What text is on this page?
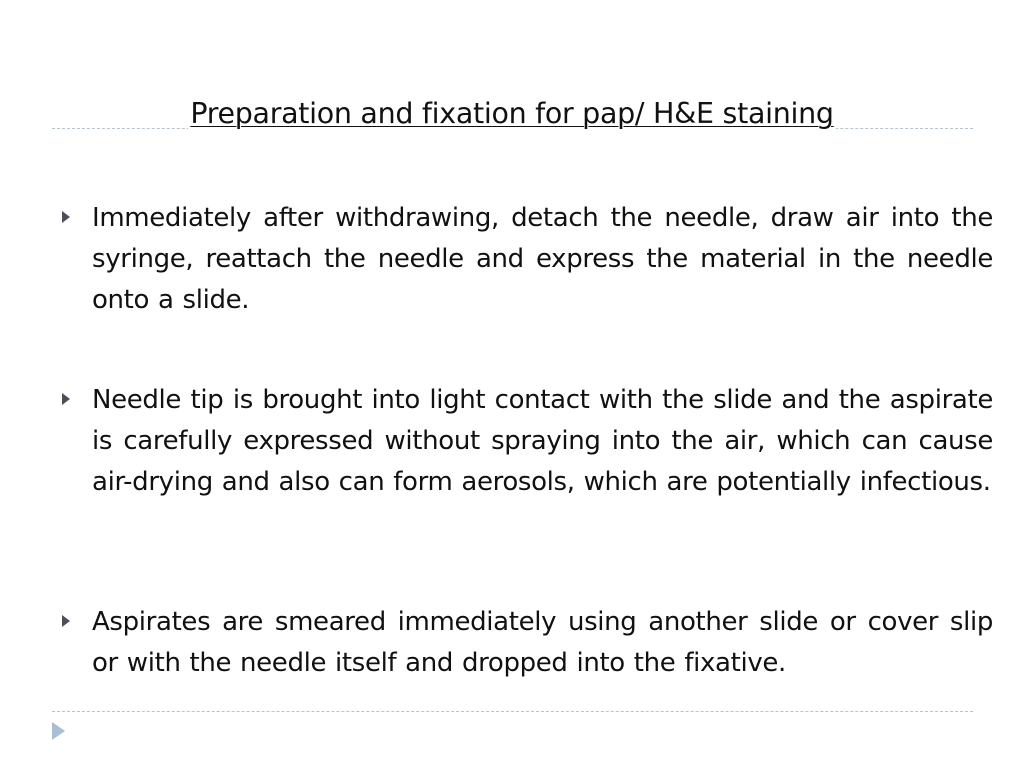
Preparation and fixation for pap/ H&E staining
Immediately after withdrawing, detach the needle, draw air into the syringe, reattach the needle and express the material in the needle onto a slide.
Needle tip is brought into light contact with the slide and the aspirate is carefully expressed without spraying into the air, which can cause air-drying and also can form aerosols, which are potentially infectious.
Aspirates are smeared immediately using another slide or cover slip or with the needle itself and dropped into the fixative.
